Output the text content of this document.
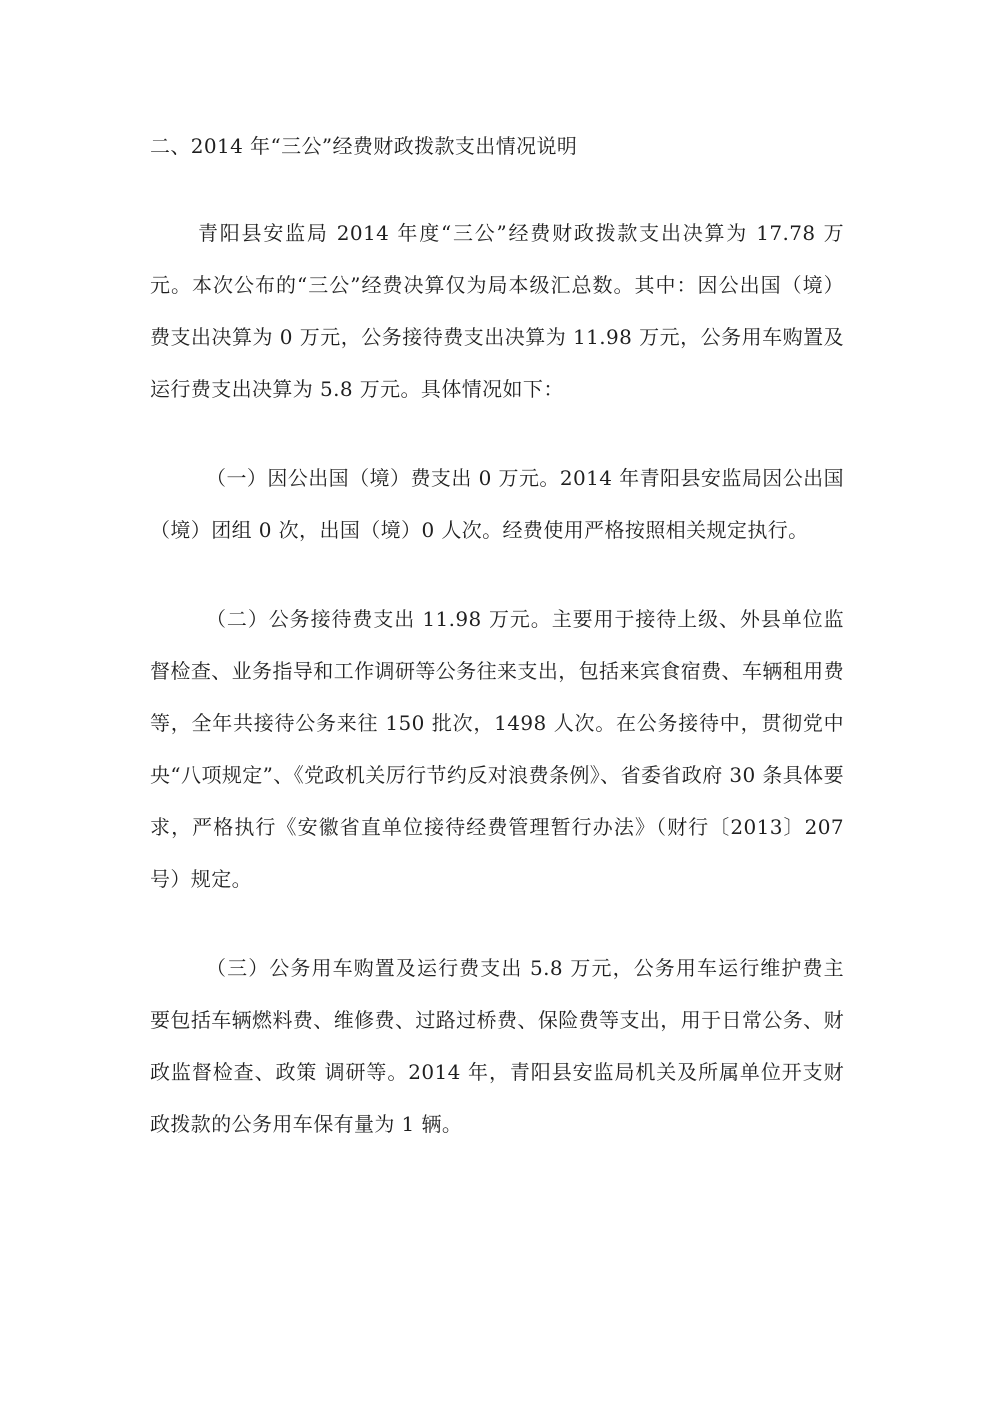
二、2014 年“三公”经费财政拨款支出情况说明

青阳县安监局 2014 年度“三公”经费财政拨款支出决算为 17.78 万元。本次公布的“三公”经费决算仅为局本级汇总数。其中：因公出国（境）费支出决算为 0 万元，公务接待费支出决算为 11.98 万元，公务用车购置及运行费支出决算为 5.8 万元。具体情况如下：

（一）因公出国（境）费支出 0 万元。2014 年青阳县安监局因公出国（境）团组 0 次，出国（境）0 人次。经费使用严格按照相关规定执行。

（二）公务接待费支出 11.98 万元。主要用于接待上级、外县单位监督检查、业务指导和工作调研等公务往来支出，包括来宾食宿费、车辆租用费等，全年共接待公务来往 150 批次，1498 人次。在公务接待中，贯彻党中央“八项规定”、《党政机关厉行节约反对浪费条例》、省委省政府 30 条具体要求，严格执行《安徽省直单位接待经费管理暂行办法》（财行〔2013〕207 号）规定。

（三）公务用车购置及运行费支出 5.8 万元，公务用车运行维护费主要包括车辆燃料费、维修费、过路过桥费、保险费等支出，用于日常公务、财政监督检查、政策 调研等。2014 年，青阳县安监局机关及所属单位开支财政拨款的公务用车保有量为 1 辆。
